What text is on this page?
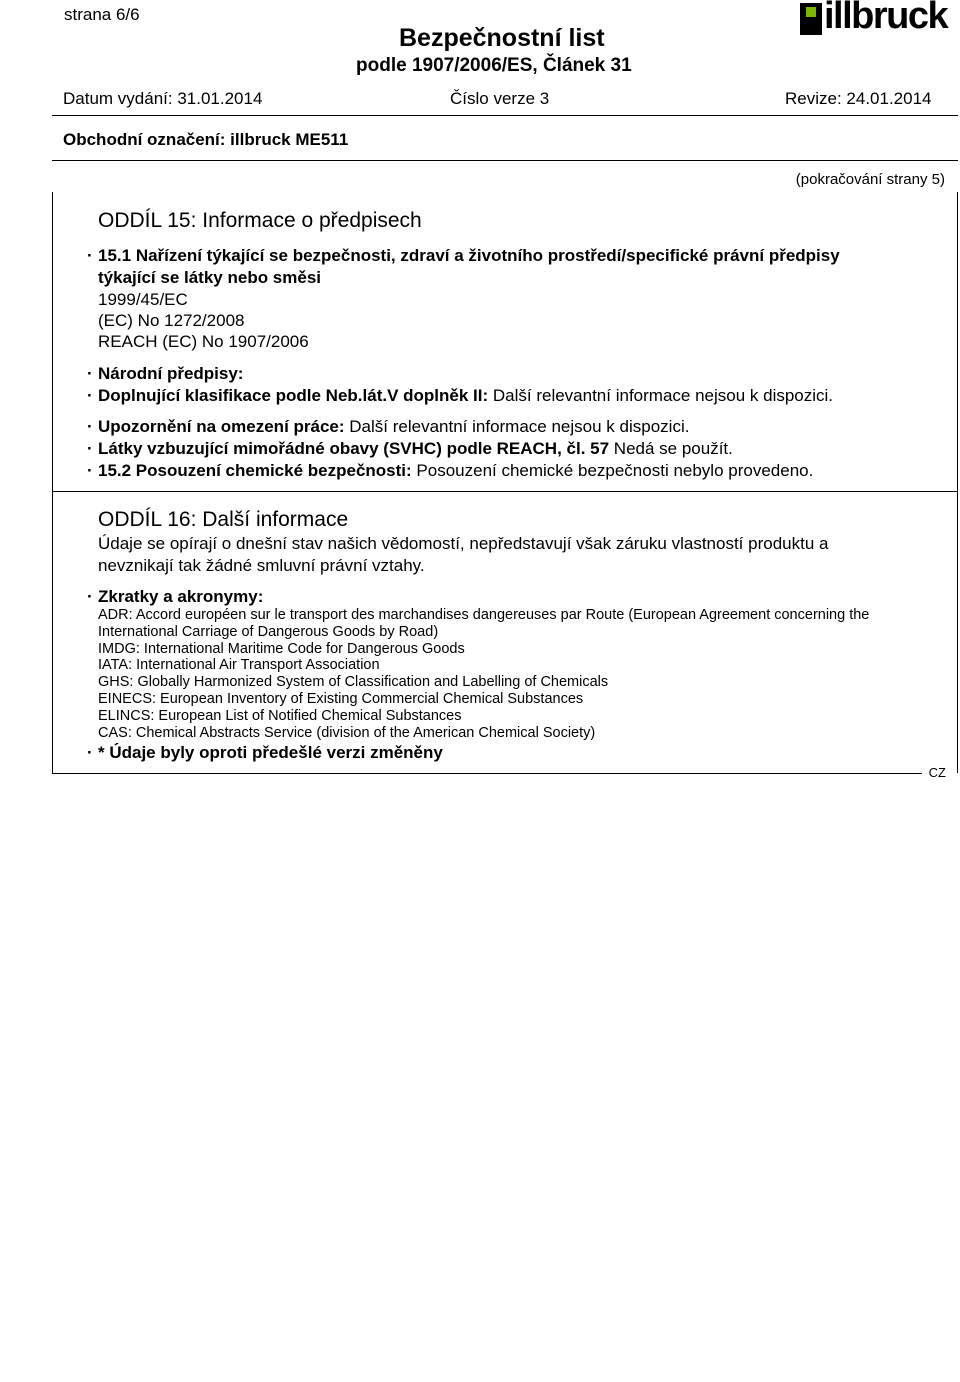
strana 6/6
Bezpečnostní list
podle 1907/2006/ES, Článek 31
illbruck
Datum vydání: 31.01.2014	Číslo verze 3	Revize: 24.01.2014
Obchodní označení: illbruck ME511
(pokračování strany 5)
ODDÍL 15: Informace o předpisech
· 15.1 Nařízení týkající se bezpečnosti, zdraví a životního prostředí/specifické právní předpisy
týkající se látky nebo směsi
1999/45/EC
(EC) No 1272/2008
REACH (EC) No 1907/2006
· Národní předpisy:
· Doplnující klasifikace podle Neb.lát.V doplněk II: Další relevantní informace nejsou k dispozici.
· Upozornění na omezení práce: Další relevantní informace nejsou k dispozici.
· Látky vzbuzující mimořádné obavy (SVHC) podle REACH, čl. 57 Nedá se použít.
· 15.2 Posouzení chemické bezpečnosti: Posouzení chemické bezpečnosti nebylo provedeno.
ODDÍL 16: Další informace
Údaje se opírají o dnešní stav našich vědomostí, nepředstavují však záruku vlastností produktu a
nevznikají tak žádné smluvní právní vztahy.
· Zkratky a akronymy:
ADR: Accord européen sur le transport des marchandises dangereuses par Route (European Agreement concerning the
International Carriage of Dangerous Goods by Road)
IMDG: International Maritime Code for Dangerous Goods
IATA: International Air Transport Association
GHS: Globally Harmonized System of Classification and Labelling of Chemicals
EINECS: European Inventory of Existing Commercial Chemical Substances
ELINCS: European List of Notified Chemical Substances
CAS: Chemical Abstracts Service (division of the American Chemical Society)
· * Údaje byly oproti předešlé verzi změněny
CZ
